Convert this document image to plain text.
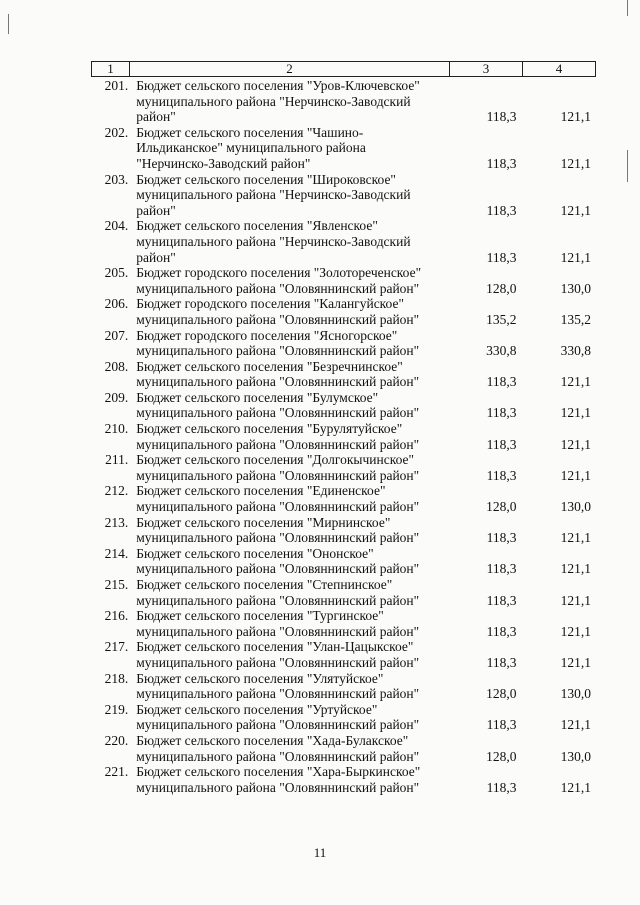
1	2	3	4
201. Бюджет сельского поселения "Уров-Ключевское"
муниципального района "Нерчинско-Заводский
район"	118,3	121,1
202. Бюджет сельского поселения "Чашино-
Ильдиканское" муниципального района
"Нерчинско-Заводский район"	118,3	121,1
203. Бюджет сельского поселения "Широковское"
муниципального района "Нерчинско-Заводский
район"	118,3	121,1
204. Бюджет сельского поселения "Явленское"
муниципального района "Нерчинско-Заводский
район"	118,3	121,1
205. Бюджет городского поселения "Золотореченское"
муниципального района "Оловяннинский район"	128,0	130,0
206. Бюджет городского поселения "Калангуйское"
муниципального района "Оловяннинский район"	135,2	135,2
207. Бюджет городского поселения "Ясногорское"
муниципального района "Оловяннинский район"	330,8	330,8
208. Бюджет сельского поселения "Безречнинское"
муниципального района "Оловяннинский район"	118,3	121,1
209. Бюджет сельского поселения "Булумское"
муниципального района "Оловяннинский район"	118,3	121,1
210. Бюджет сельского поселения "Бурулятуйское"
муниципального района "Оловяннинский район"	118,3	121,1
211. Бюджет сельского поселения "Долгокычинское"
муниципального района "Оловяннинский район"	118,3	121,1
212. Бюджет сельского поселения "Единенское"
муниципального района "Оловяннинский район"	128,0	130,0
213. Бюджет сельского поселения "Мирнинское"
муниципального района "Оловяннинский район"	118,3	121,1
214. Бюджет сельского поселения "Ононское"
муниципального района "Оловяннинский район"	118,3	121,1
215. Бюджет сельского поселения "Степнинское"
муниципального района "Оловяннинский район"	118,3	121,1
216. Бюджет сельского поселения "Тургинское"
муниципального района "Оловяннинский район"	118,3	121,1
217. Бюджет сельского поселения "Улан-Цацыкское"
муниципального района "Оловяннинский район"	118,3	121,1
218. Бюджет сельского поселения "Улятуйское"
муниципального района "Оловяннинский район"	128,0	130,0
219. Бюджет сельского поселения "Уртуйское"
муниципального района "Оловяннинский район"	118,3	121,1
220. Бюджет сельского поселения "Хада-Булакское"
муниципального района "Оловяннинский район"	128,0	130,0
221. Бюджет сельского поселения "Хара-Быркинское"
муниципального района "Оловяннинский район"	118,3	121,1
11
